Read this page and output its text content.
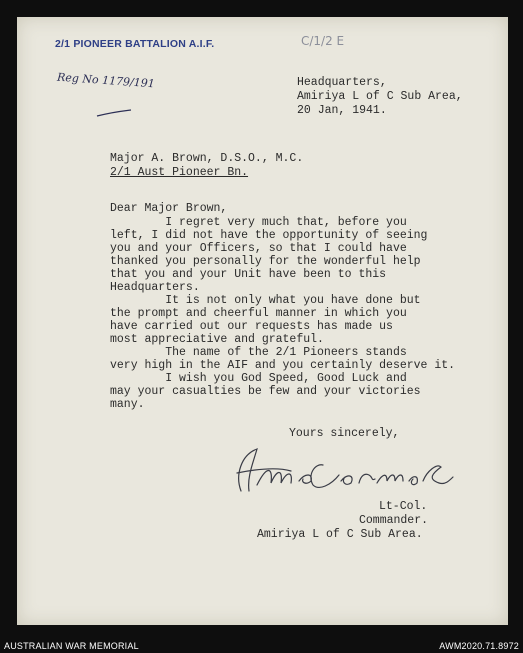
2/1 PIONEER BATTALION A.I.F.	C/1/2 E
Reg No 1179/191	Headquarters,
Amiriya L of C Sub Area,
20 Jan, 1941.
Major A. Brown, D.S.O., M.C.
2/1 Aust Pioneer Bn.
Dear Major Brown,
I regret very much that, before you
left, I did not have the opportunity of seeing
you and your Officers, so that I could have
thanked you personally for the wonderful help
that you and your Unit have been to this
Headquarters.
It is not only what you have done but
the prompt and cheerful manner in which you
have carried out our requests has made us
most appreciative and grateful.
The name of the 2/1 Pioneers stands
very high in the AIF and you certainly deserve it.
I wish you God Speed, Good Luck and
may your casualties be few and your victories
many.
Yours sincerely,
Lt-Col.
Commander.
Amiriya L of C Sub Area.
AUSTRALIAN WAR MEMORIAL	AWM2020.71.8972
